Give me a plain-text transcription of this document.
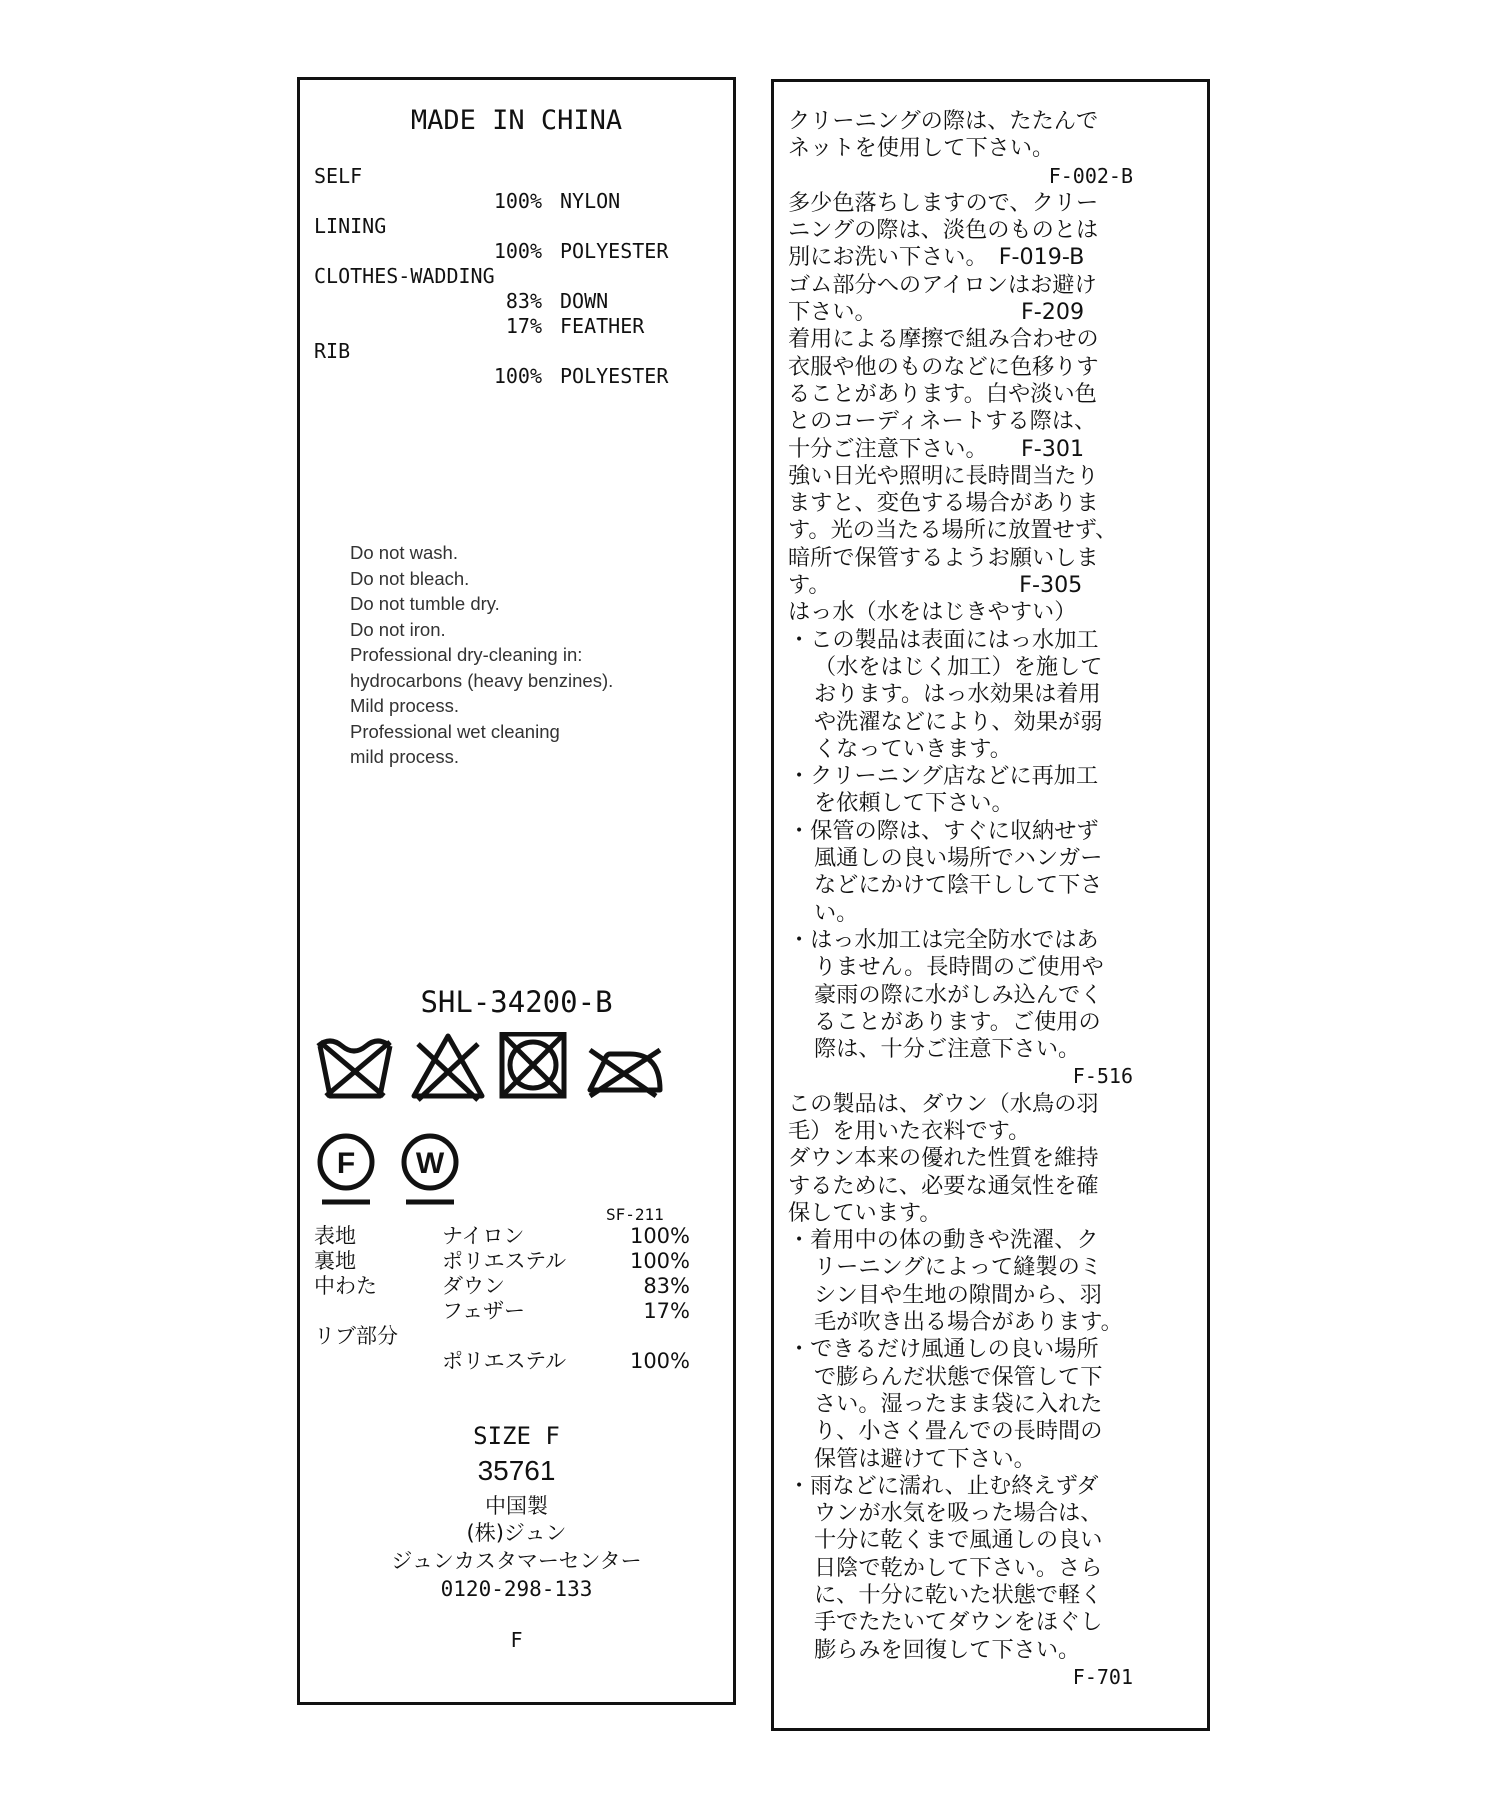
MADE IN CHINA
SELF
100% NYLON
LINING
100% POLYESTER
CLOTHES-WADDING
83% DOWN
17% FEATHER
RIB
100% POLYESTER
Do not wash.
Do not bleach.
Do not tumble dry.
Do not iron.
Professional dry-cleaning in:
hydrocarbons (heavy benzines).
Mild process.
Professional wet cleaning
mild process.
SHL-34200-B
F W
SF-211
表地	ナイロン	100%
裏地	ポリエステル	100%
中わた	ダウン	83%
フェザー	17%
リブ部分
ポリエステル	100%
SIZE F
35761
中国製
(株)ジュン
ジュンカスタマーセンター
0120-298-133
F
クリーニングの際は、たたんで
ネットを使用して下さい。
F-002-B
多少色落ちしますので、クリー
ニングの際は、淡色のものとは
別にお洗い下さい。　F-019-B
ゴム部分へのアイロンはお避け
下さい。　　　　　　　F-209
着用による摩擦で組み合わせの
衣服や他のものなどに色移りす
ることがあります。白や淡い色
とのコーディネートする際は、
十分ご注意下さい。　　F-301
強い日光や照明に長時間当たり
ますと、変色する場合がありま
す。光の当たる場所に放置せず、
暗所で保管するようお願いしま
す。　　　　　　　　　F-305
はっ水（水をはじきやすい）
・この製品は表面にはっ水加工
（水をはじく加工）を施して
おります。はっ水効果は着用
や洗濯などにより、効果が弱
くなっていきます。
・クリーニング店などに再加工
を依頼して下さい。
・保管の際は、すぐに収納せず
風通しの良い場所でハンガー
などにかけて陰干しして下さ
い。
・はっ水加工は完全防水ではあ
りません。長時間のご使用や
豪雨の際に水がしみ込んでく
ることがあります。ご使用の
際は、十分ご注意下さい。
F-516
この製品は、ダウン（水鳥の羽
毛）を用いた衣料です。
ダウン本来の優れた性質を維持
するために、必要な通気性を確
保しています。
・着用中の体の動きや洗濯、ク
リーニングによって縫製のミ
シン目や生地の隙間から、羽
毛が吹き出る場合があります。
・できるだけ風通しの良い場所
で膨らんだ状態で保管して下
さい。湿ったまま袋に入れた
り、小さく畳んでの長時間の
保管は避けて下さい。
・雨などに濡れ、止む終えずダ
ウンが水気を吸った場合は、
十分に乾くまで風通しの良い
日陰で乾かして下さい。さら
に、十分に乾いた状態で軽く
手でたたいてダウンをほぐし
膨らみを回復して下さい。
F-701
